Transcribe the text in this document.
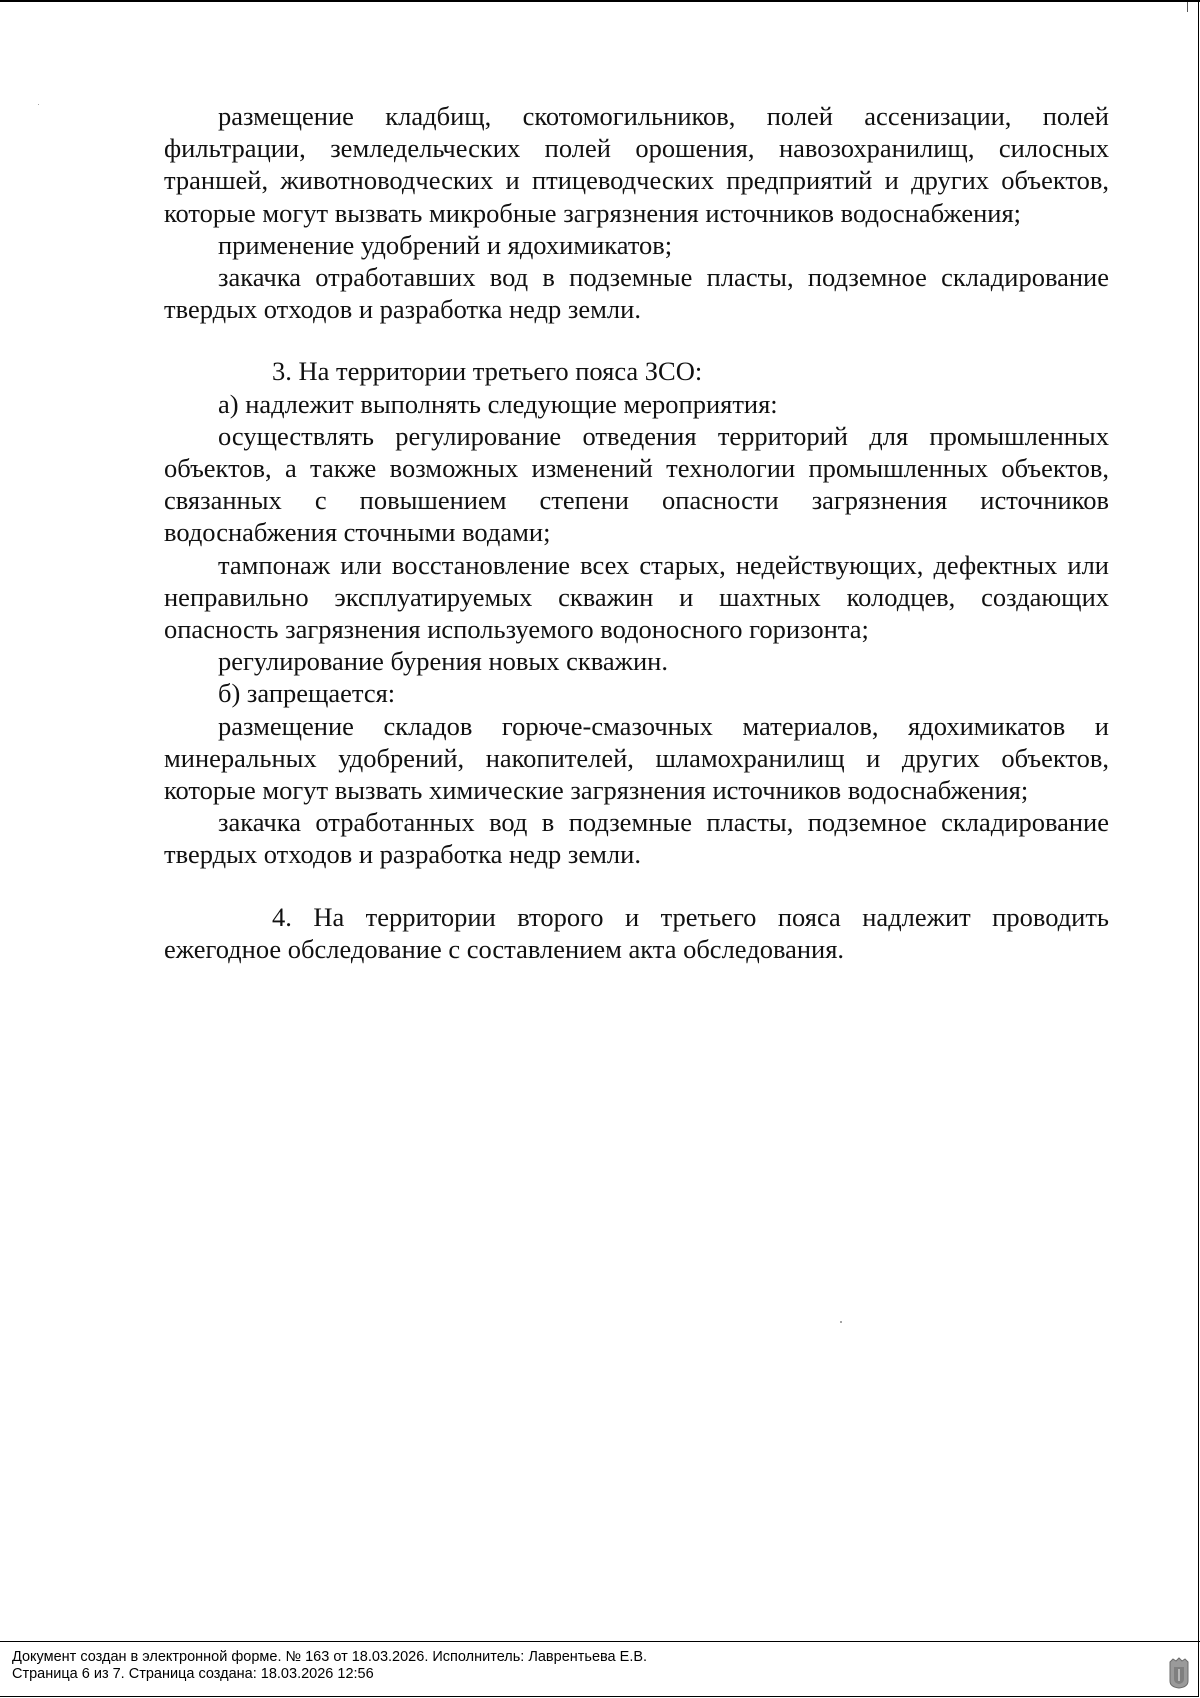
размещение кладбищ, скотомогильников, полей ассенизации, полей фильтрации, земледельческих полей орошения, навозохранилищ, силосных траншей, животноводческих и птицеводческих предприятий и других объектов, которые могут вызвать микробные загрязнения источников водоснабжения;

применение удобрений и ядохимикатов;

закачка отработавших вод в подземные пласты, подземное складирование твердых отходов и разработка недр земли.

3. На территории третьего пояса ЗСО:

а) надлежит выполнять следующие мероприятия:

осуществлять регулирование отведения территорий для промышленных объектов, а также возможных изменений технологии промышленных объектов, связанных с повышением степени опасности загрязнения источников водоснабжения сточными водами;

тампонаж или восстановление всех старых, недействующих, дефектных или неправильно эксплуатируемых скважин и шахтных колодцев, создающих опасность загрязнения используемого водоносного горизонта;

регулирование бурения новых скважин.

б) запрещается:

размещение складов горюче-смазочных материалов, ядохимикатов и минеральных удобрений, накопителей, шламохранилищ и других объектов, которые могут вызвать химические загрязнения источников водоснабжения;

закачка отработанных вод в подземные пласты, подземное складирование твердых отходов и разработка недр земли.

4. На территории второго и третьего пояса надлежит проводить ежегодное обследование с составлением акта обследования.

Документ создан в электронной форме. № 163 от 18.03.2026. Исполнитель: Лаврентьева Е.В.
Страница 6 из 7. Страница создана: 18.03.2026 12:56
